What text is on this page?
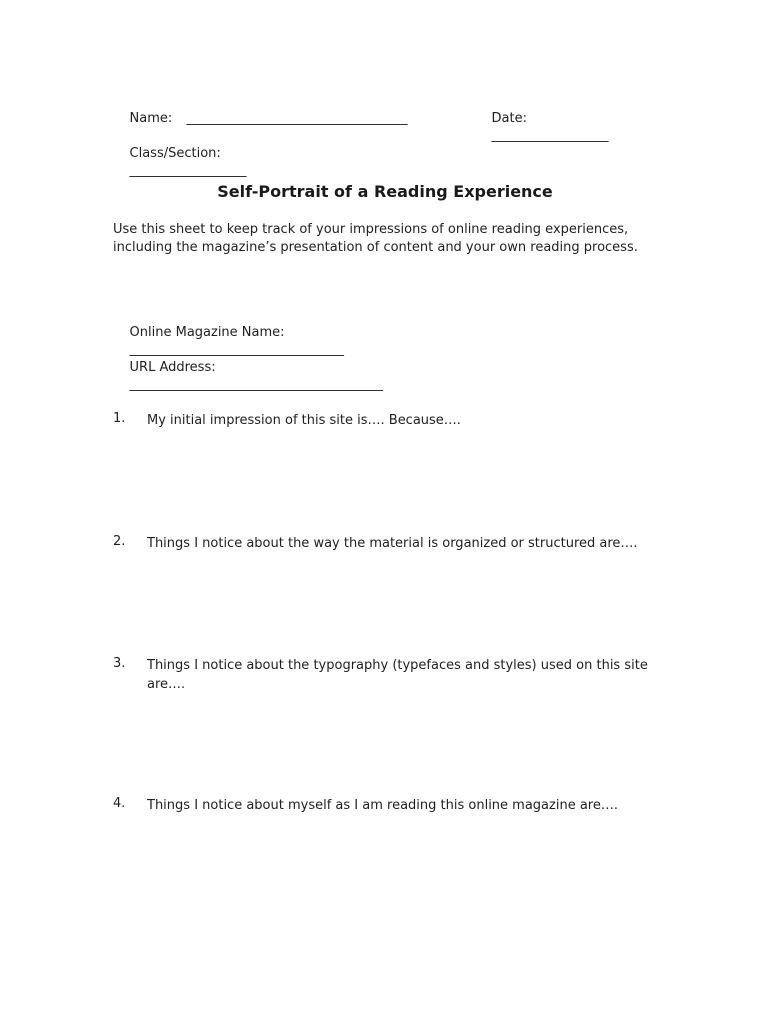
Name:
	__________________________________
	Date:
__________________

Class/Section:
__________________

Self-Portrait of a Reading Experience
Use this sheet to keep track of your impressions of online reading experiences, including the magazine’s presentation of content and your own reading process.

Online Magazine Name:
_________________________________

URL Address:
_______________________________________

1.	My initial impression of this site is…. Because….
2.	Things I notice about the way the material is organized or structured are….
3.	Things I notice about the typography (typefaces and styles) used on this site are….
4.	Things I notice about myself as I am reading this online magazine are….
